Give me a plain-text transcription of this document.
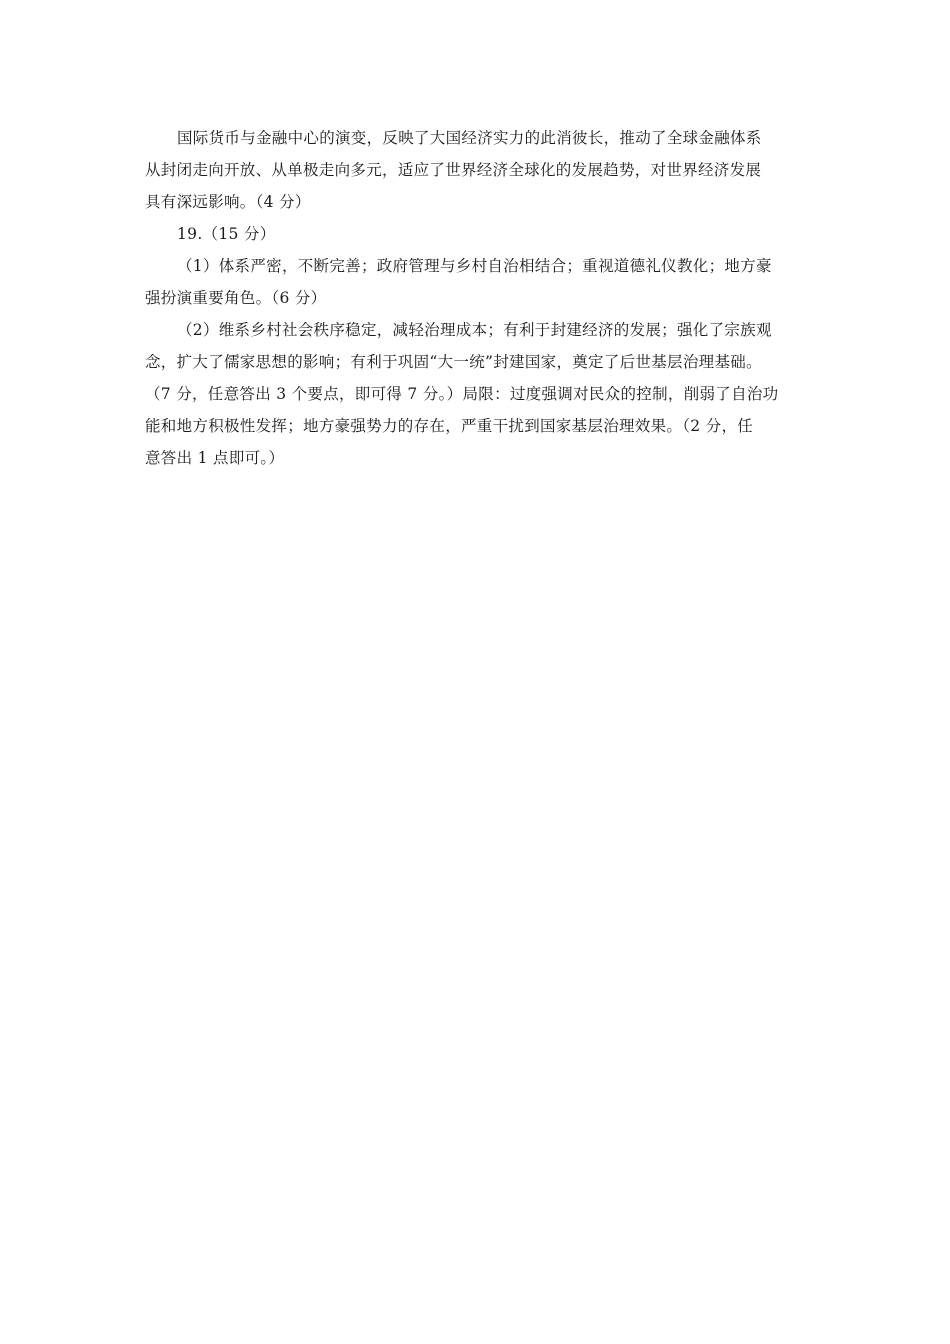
国际货币与金融中心的演变，反映了大国经济实力的此消彼长，推动了全球金融体系
从封闭走向开放、从单极走向多元，适应了世界经济全球化的发展趋势，对世界经济发展
具有深远影响。（4 分）
19.（15 分）
（1）体系严密，不断完善；政府管理与乡村自治相结合；重视道德礼仪教化；地方豪
强扮演重要角色。（6 分）
（2）维系乡村社会秩序稳定，减轻治理成本；有利于封建经济的发展；强化了宗族观
念，扩大了儒家思想的影响；有利于巩固“大一统”封建国家，奠定了后世基层治理基础。
（7 分，任意答出 3 个要点，即可得 7 分。）局限：过度强调对民众的控制，削弱了自治功
能和地方积极性发挥；地方豪强势力的存在，严重干扰到国家基层治理效果。（2 分，任
意答出 1 点即可。）
